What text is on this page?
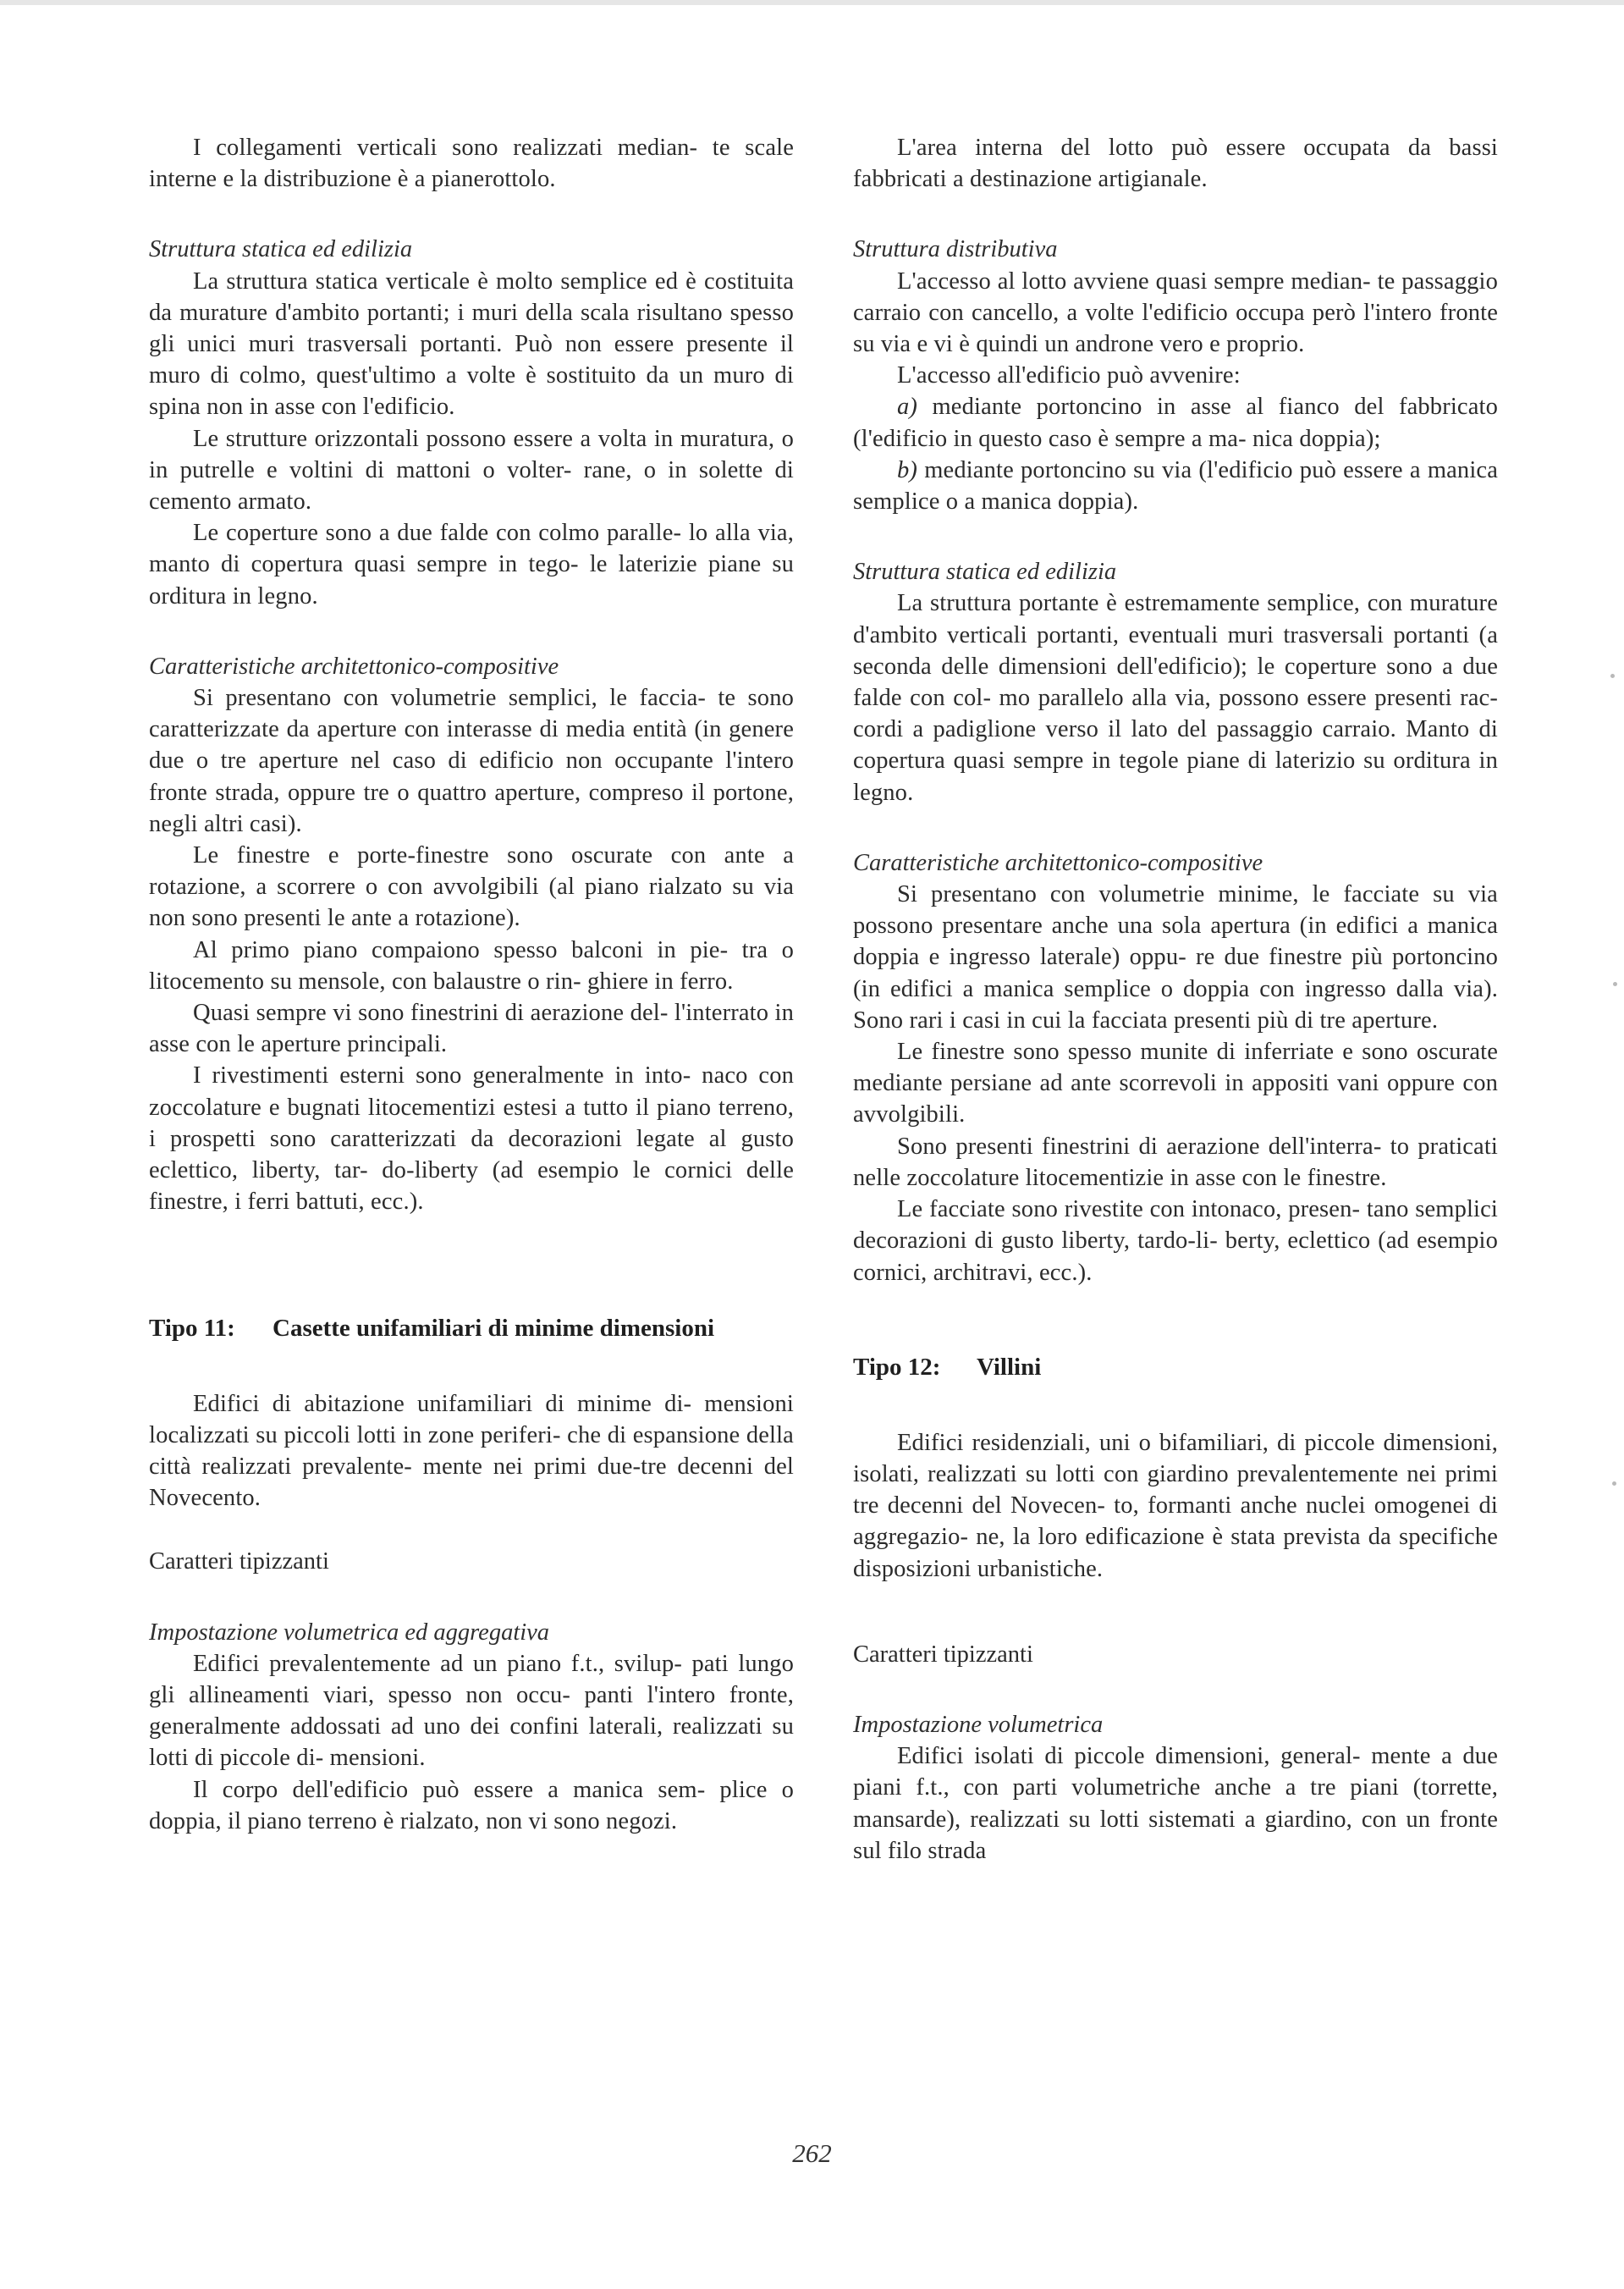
I collegamenti verticali sono realizzati median- te scale interne e la distribuzione è a pianerottolo.

Struttura statica ed edilizia

La struttura statica verticale è molto semplice ed è costituita da murature d'ambito portanti; i muri della scala risultano spesso gli unici muri trasversali portanti. Può non essere presente il muro di colmo, quest'ultimo a volte è sostituito da un muro di spina non in asse con l'edificio.

Le strutture orizzontali possono essere a volta in muratura, o in putrelle e voltini di mattoni o volter- rane, o in solette di cemento armato.

Le coperture sono a due falde con colmo paralle- lo alla via, manto di copertura quasi sempre in tego- le laterizie piane su orditura in legno.

Caratteristiche architettonico-compositive

Si presentano con volumetrie semplici, le faccia- te sono caratterizzate da aperture con interasse di media entità (in genere due o tre aperture nel caso di edificio non occupante l'intero fronte strada, oppure tre o quattro aperture, compreso il portone, negli altri casi).

Le finestre e porte-finestre sono oscurate con ante a rotazione, a scorrere o con avvolgibili (al piano rialzato su via non sono presenti le ante a rotazione).

Al primo piano compaiono spesso balconi in pie- tra o litocemento su mensole, con balaustre o rin- ghiere in ferro.

Quasi sempre vi sono finestrini di aerazione del- l'interrato in asse con le aperture principali.

I rivestimenti esterni sono generalmente in into- naco con zoccolature e bugnati litocementizi estesi a tutto il piano terreno, i prospetti sono caratterizzati da decorazioni legate al gusto eclettico, liberty, tar- do-liberty (ad esempio le cornici delle finestre, i ferri battuti, ecc.).

Tipo 11:	Casette unifamiliari di minime dimensioni

Edifici di abitazione unifamiliari di minime di- mensioni localizzati su piccoli lotti in zone periferi- che di espansione della città realizzati prevalente- mente nei primi due-tre decenni del Novecento.

Caratteri tipizzanti
Impostazione volumetrica ed aggregativa

Edifici prevalentemente ad un piano f.t., svilup- pati lungo gli allineamenti viari, spesso non occu- panti l'intero fronte, generalmente addossati ad uno dei confini laterali, realizzati su lotti di piccole di- mensioni.

Il corpo dell'edificio può essere a manica sem- plice o doppia, il piano terreno è rialzato, non vi sono negozi.

L'area interna del lotto può essere occupata da bassi fabbricati a destinazione artigianale.

Struttura distributiva

L'accesso al lotto avviene quasi sempre median- te passaggio carraio con cancello, a volte l'edificio occupa però l'intero fronte su via e vi è quindi un androne vero e proprio.

L'accesso all'edificio può avvenire:

a) mediante portoncino in asse al fianco del fabbricato (l'edificio in questo caso è sempre a ma- nica doppia);

b) mediante portoncino su via (l'edificio può essere a manica semplice o a manica doppia).

Struttura statica ed edilizia

La struttura portante è estremamente semplice, con murature d'ambito verticali portanti, eventuali muri trasversali portanti (a seconda delle dimensioni dell'edificio); le coperture sono a due falde con col- mo parallelo alla via, possono essere presenti rac- cordi a padiglione verso il lato del passaggio carraio. Manto di copertura quasi sempre in tegole piane di laterizio su orditura in legno.

Caratteristiche architettonico-compositive

Si presentano con volumetrie minime, le facciate su via possono presentare anche una sola apertura (in edifici a manica doppia e ingresso laterale) oppu- re due finestre più portoncino (in edifici a manica semplice o doppia con ingresso dalla via). Sono rari i casi in cui la facciata presenti più di tre aperture.

Le finestre sono spesso munite di inferriate e sono oscurate mediante persiane ad ante scorrevoli in appositi vani oppure con avvolgibili.

Sono presenti finestrini di aerazione dell'interra- to praticati nelle zoccolature litocementizie in asse con le finestre.

Le facciate sono rivestite con intonaco, presen- tano semplici decorazioni di gusto liberty, tardo-li- berty, eclettico (ad esempio cornici, architravi, ecc.).

Tipo 12:	Villini

Edifici residenziali, uni o bifamiliari, di piccole dimensioni, isolati, realizzati su lotti con giardino prevalentemente nei primi tre decenni del Novecen- to, formanti anche nuclei omogenei di aggregazio- ne, la loro edificazione è stata prevista da specifiche disposizioni urbanistiche.

Caratteri tipizzanti
Impostazione volumetrica

Edifici isolati di piccole dimensioni, general- mente a due piani f.t., con parti volumetriche anche a tre piani (torrette, mansarde), realizzati su lotti sistemati a giardino, con un fronte sul filo strada

262
